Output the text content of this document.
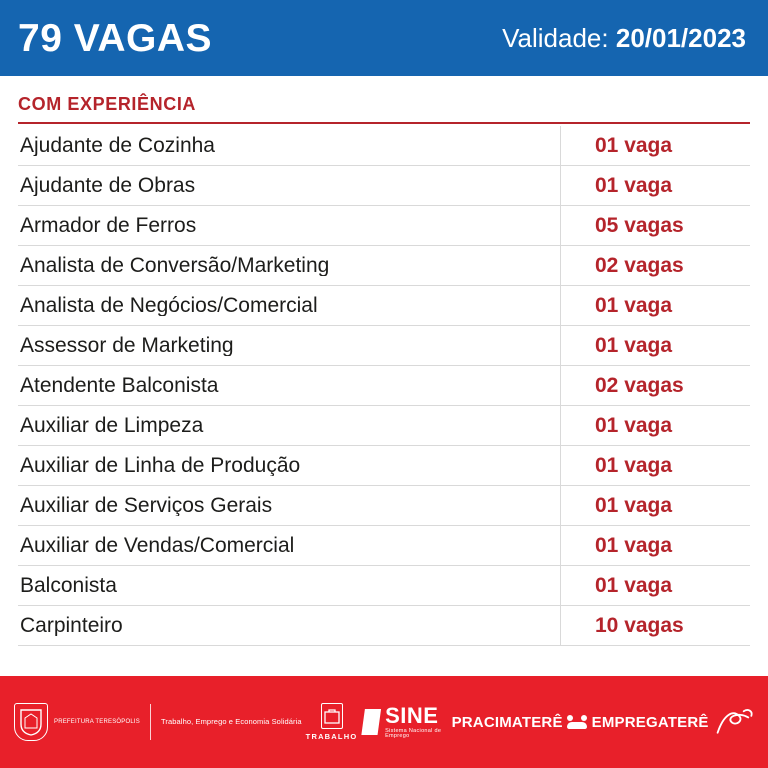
79 VAGAS	Validade: 20/01/2023
COM EXPERIÊNCIA
Ajudante de Cozinha	01 vaga
Ajudante de Obras	01 vaga
Armador de Ferros	05 vagas
Analista de Conversão/Marketing	02 vagas
Analista de Negócios/Comercial	01 vaga
Assessor de Marketing	01 vaga
Atendente Balconista	02 vagas
Auxiliar de Limpeza	01 vaga
Auxiliar de Linha de Produção	01 vaga
Auxiliar de Serviços Gerais	01 vaga
Auxiliar de Vendas/Comercial	01 vaga
Balconista	01 vaga
Carpinteiro	10 vagas
PREFEITURA TERESÓPOLIS	Trabalho, Emprego e Economia Solidária
TRABALHO
SINE
Sistema Nacional de Emprego
PRACIMATERÊ EMPREGATERÊ
